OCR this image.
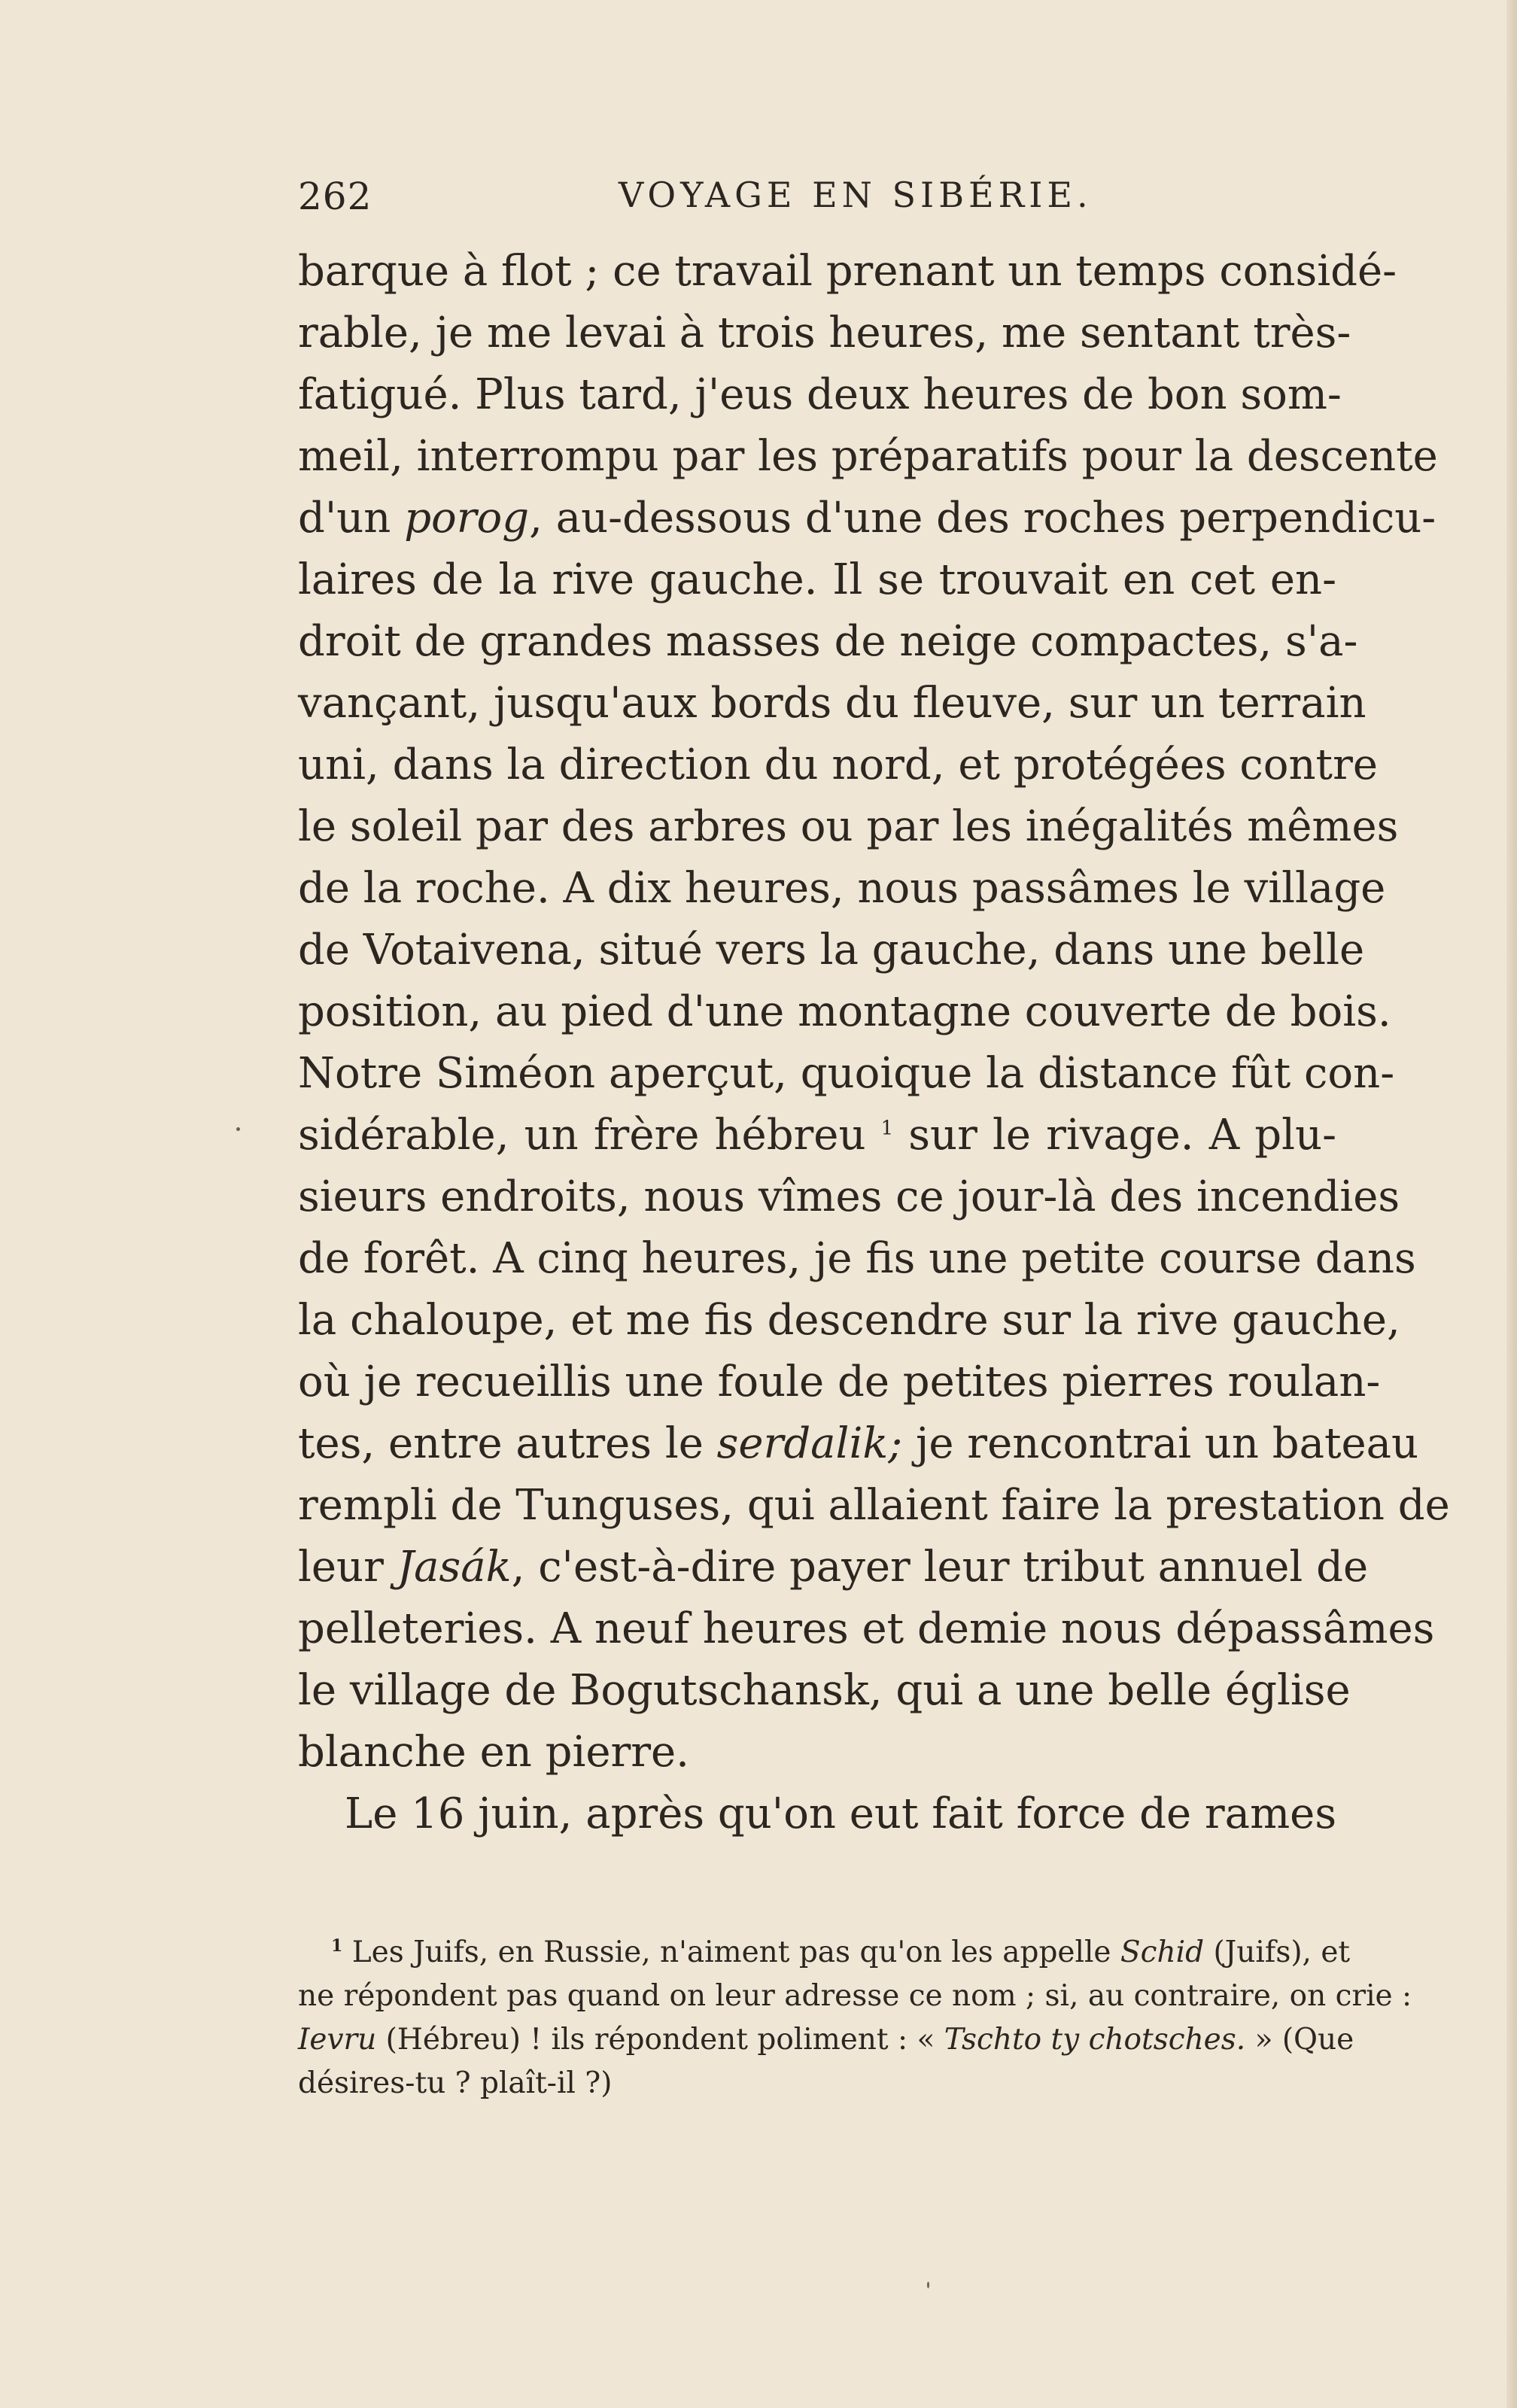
262	VOYAGE EN SIBÉRIE.
barque à flot ; ce travail prenant un temps considé-
rable, je me levai à trois heures, me sentant très-
fatigué. Plus tard, j'eus deux heures de bon som-
meil, interrompu par les préparatifs pour la descente
d'un porog, au-dessous d'une des roches perpendicu-
laires de la rive gauche. Il se trouvait en cet en-
droit de grandes masses de neige compactes, s'a-
vançant, jusqu'aux bords du fleuve, sur un terrain
uni, dans la direction du nord, et protégées contre
le soleil par des arbres ou par les inégalités mêmes
de la roche. A dix heures, nous passâmes le village
de Votaivena, situé vers la gauche, dans une belle
position, au pied d'une montagne couverte de bois.
Notre Siméon aperçut, quoique la distance fût con-
sidérable, un frère hébreu $^1$ sur le rivage. A plu-
sieurs endroits, nous vîmes ce jour-là des incendies
de forêt. A cinq heures, je fis une petite course dans
la chaloupe, et me fis descendre sur la rive gauche,
où je recueillis une foule de petites pierres roulan-
tes, entre autres le serdalik; je rencontrai un bateau
rempli de Tunguses, qui allaient faire la prestation de
leur Jasák, c'est-à-dire payer leur tribut annuel de
pelleteries. A neuf heures et demie nous dépassâmes
le village de Bogutschansk, qui a une belle église
blanche en pierre.
Le 16 juin, après qu'on eut fait force de rames
$^1$ Les Juifs, en Russie, n'aiment pas qu'on les appelle Schid (Juifs), et
ne répondent pas quand on leur adresse ce nom ; si, au contraire, on crie :
Ievru (Hébreu) ! ils répondent poliment : « Tschto ty chotsches. » (Que
désires-tu ? plaît-il ?)
